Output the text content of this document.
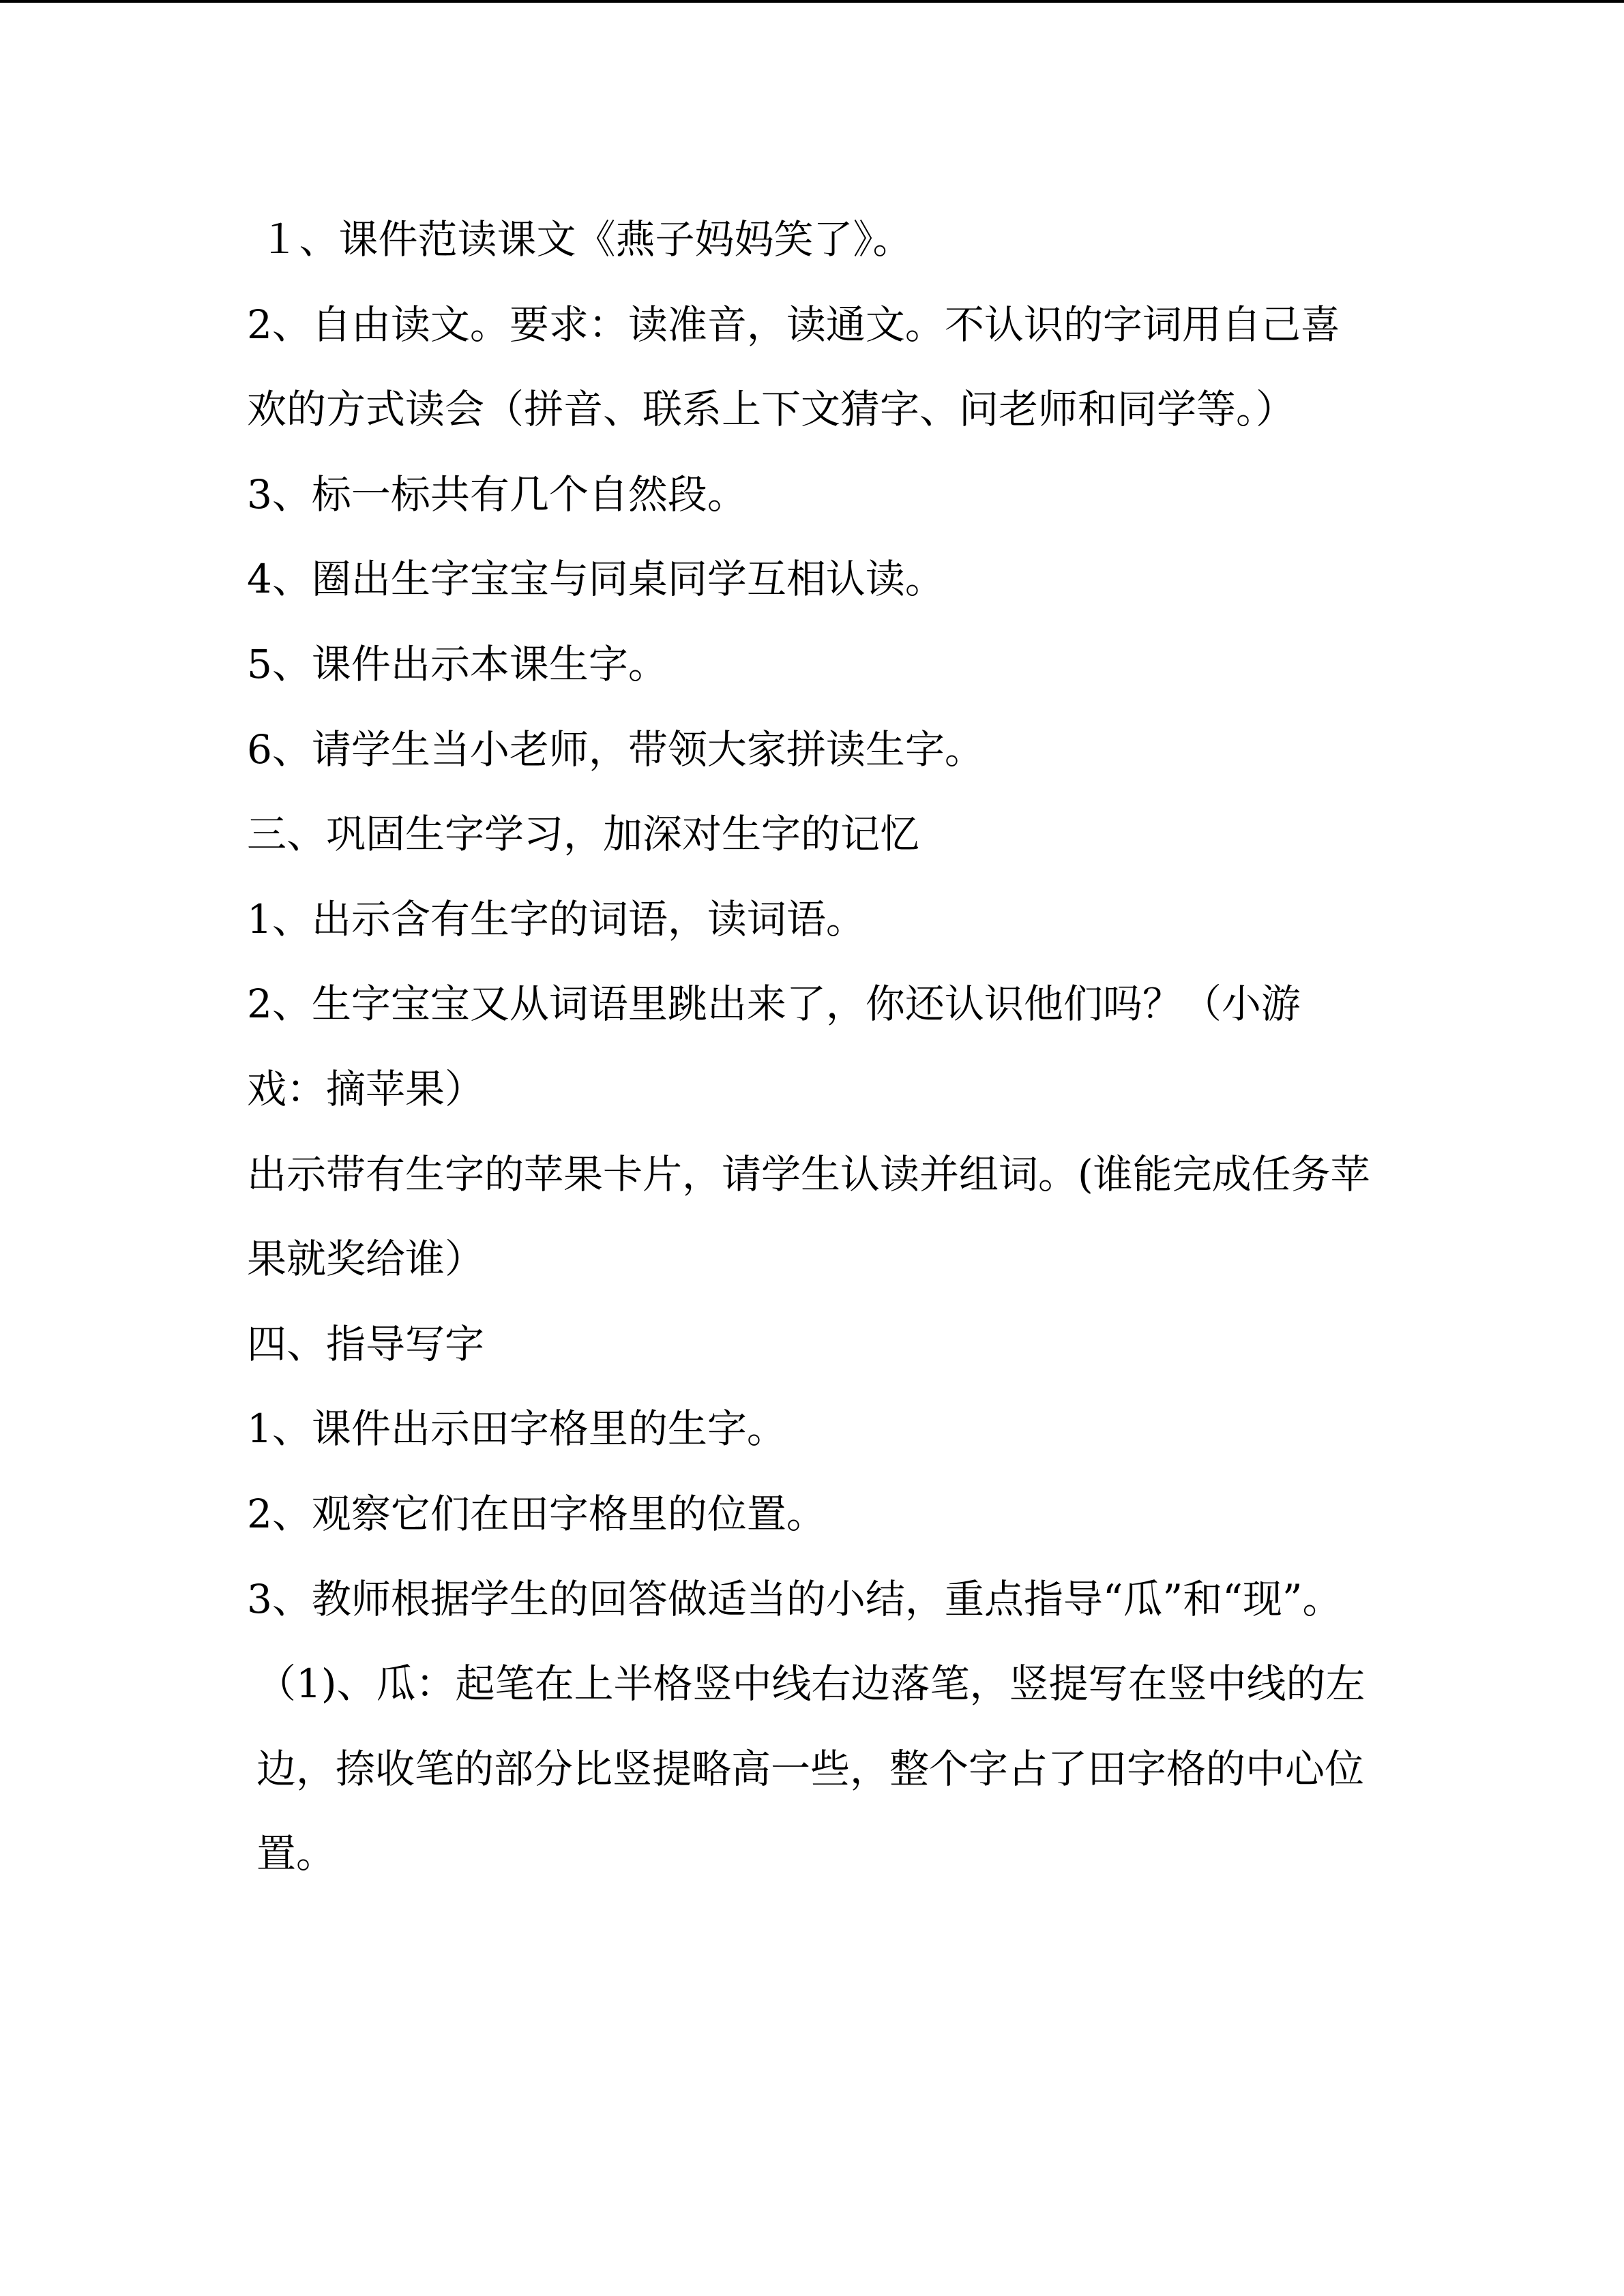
１、课件范读课文《燕子妈妈笑了》。

2、自由读文。要求：读准音，读通文。不认识的字词用自己喜欢的方式读会（拼音、联系上下文猜字、问老师和同学等。）

3、标一标共有几个自然段。

4、圈出生字宝宝与同桌同学互相认读。

5、课件出示本课生字。

6、请学生当小老师，带领大家拼读生字。

三、巩固生字学习，加深对生字的记忆

1、出示含有生字的词语，读词语。

2、生字宝宝又从词语里跳出来了，你还认识他们吗？（小游戏：摘苹果）

出示带有生字的苹果卡片，请学生认读并组词。(谁能完成任务苹果就奖给谁）

四、指导写字

1、课件出示田字格里的生字。

2、观察它们在田字格里的位置。

3、教师根据学生的回答做适当的小结，重点指导“瓜”和“现”。

（1)、瓜：起笔在上半格竖中线右边落笔，竖提写在竖中线的左边，捺收笔的部分比竖提略高一些，整个字占了田字格的中心位置。
